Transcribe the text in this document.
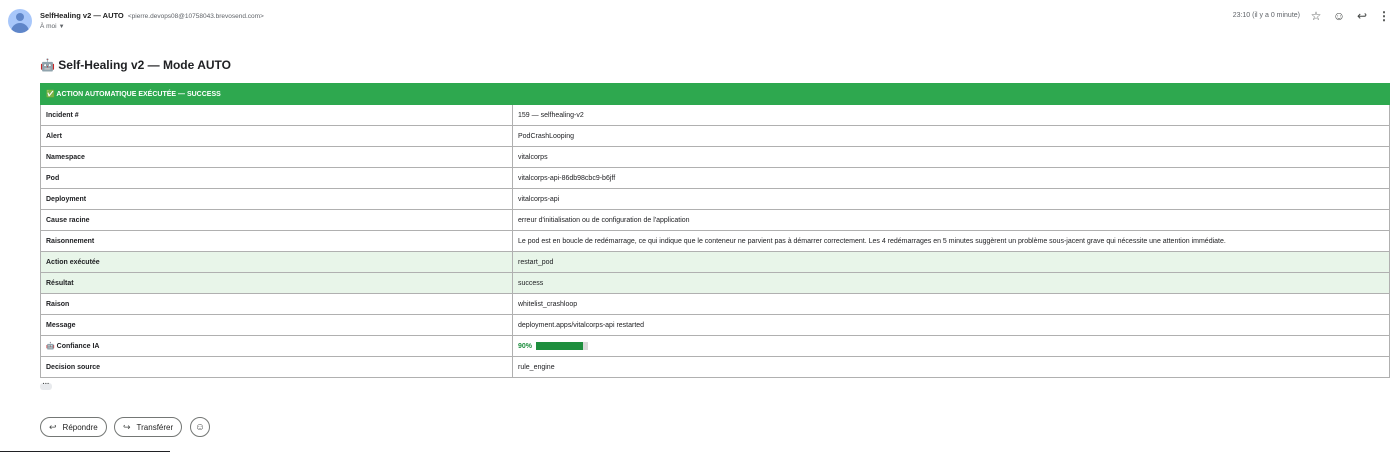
SelfHealing v2 — AUTO <pierre.devops08@10758043.brevosend.com>
À moi ▼
23:10 (il y a 0 minute) ☆ ☺ ↩ ⋮
🤖 Self-Healing v2 — Mode AUTO
✅ ACTION AUTOMATIQUE EXÉCUTÉE — SUCCESS	
Incident #	159 — selfhealing-v2
Alert	PodCrashLooping
Namespace	vitalcorps
Pod	vitalcorps-api-86db98cbc9-b6jff
Deployment	vitalcorps-api
Cause racine	erreur d'initialisation ou de configuration de l'application
Raisonnement	Le pod est en boucle de redémarrage, ce qui indique que le conteneur ne parvient pas à démarrer correctement. Les 4 redémarrages en 5 minutes suggèrent un problème sous-jacent grave qui nécessite une attention immédiate.
Action exécutée	restart_pod
Résultat	success
Raison	whitelist_crashloop
Message	deployment.apps/vitalcorps-api restarted
🤖 Confiance IA	90%

Decision source	rule_engine
···
↩ Répondre	↪ Transférer ☺
